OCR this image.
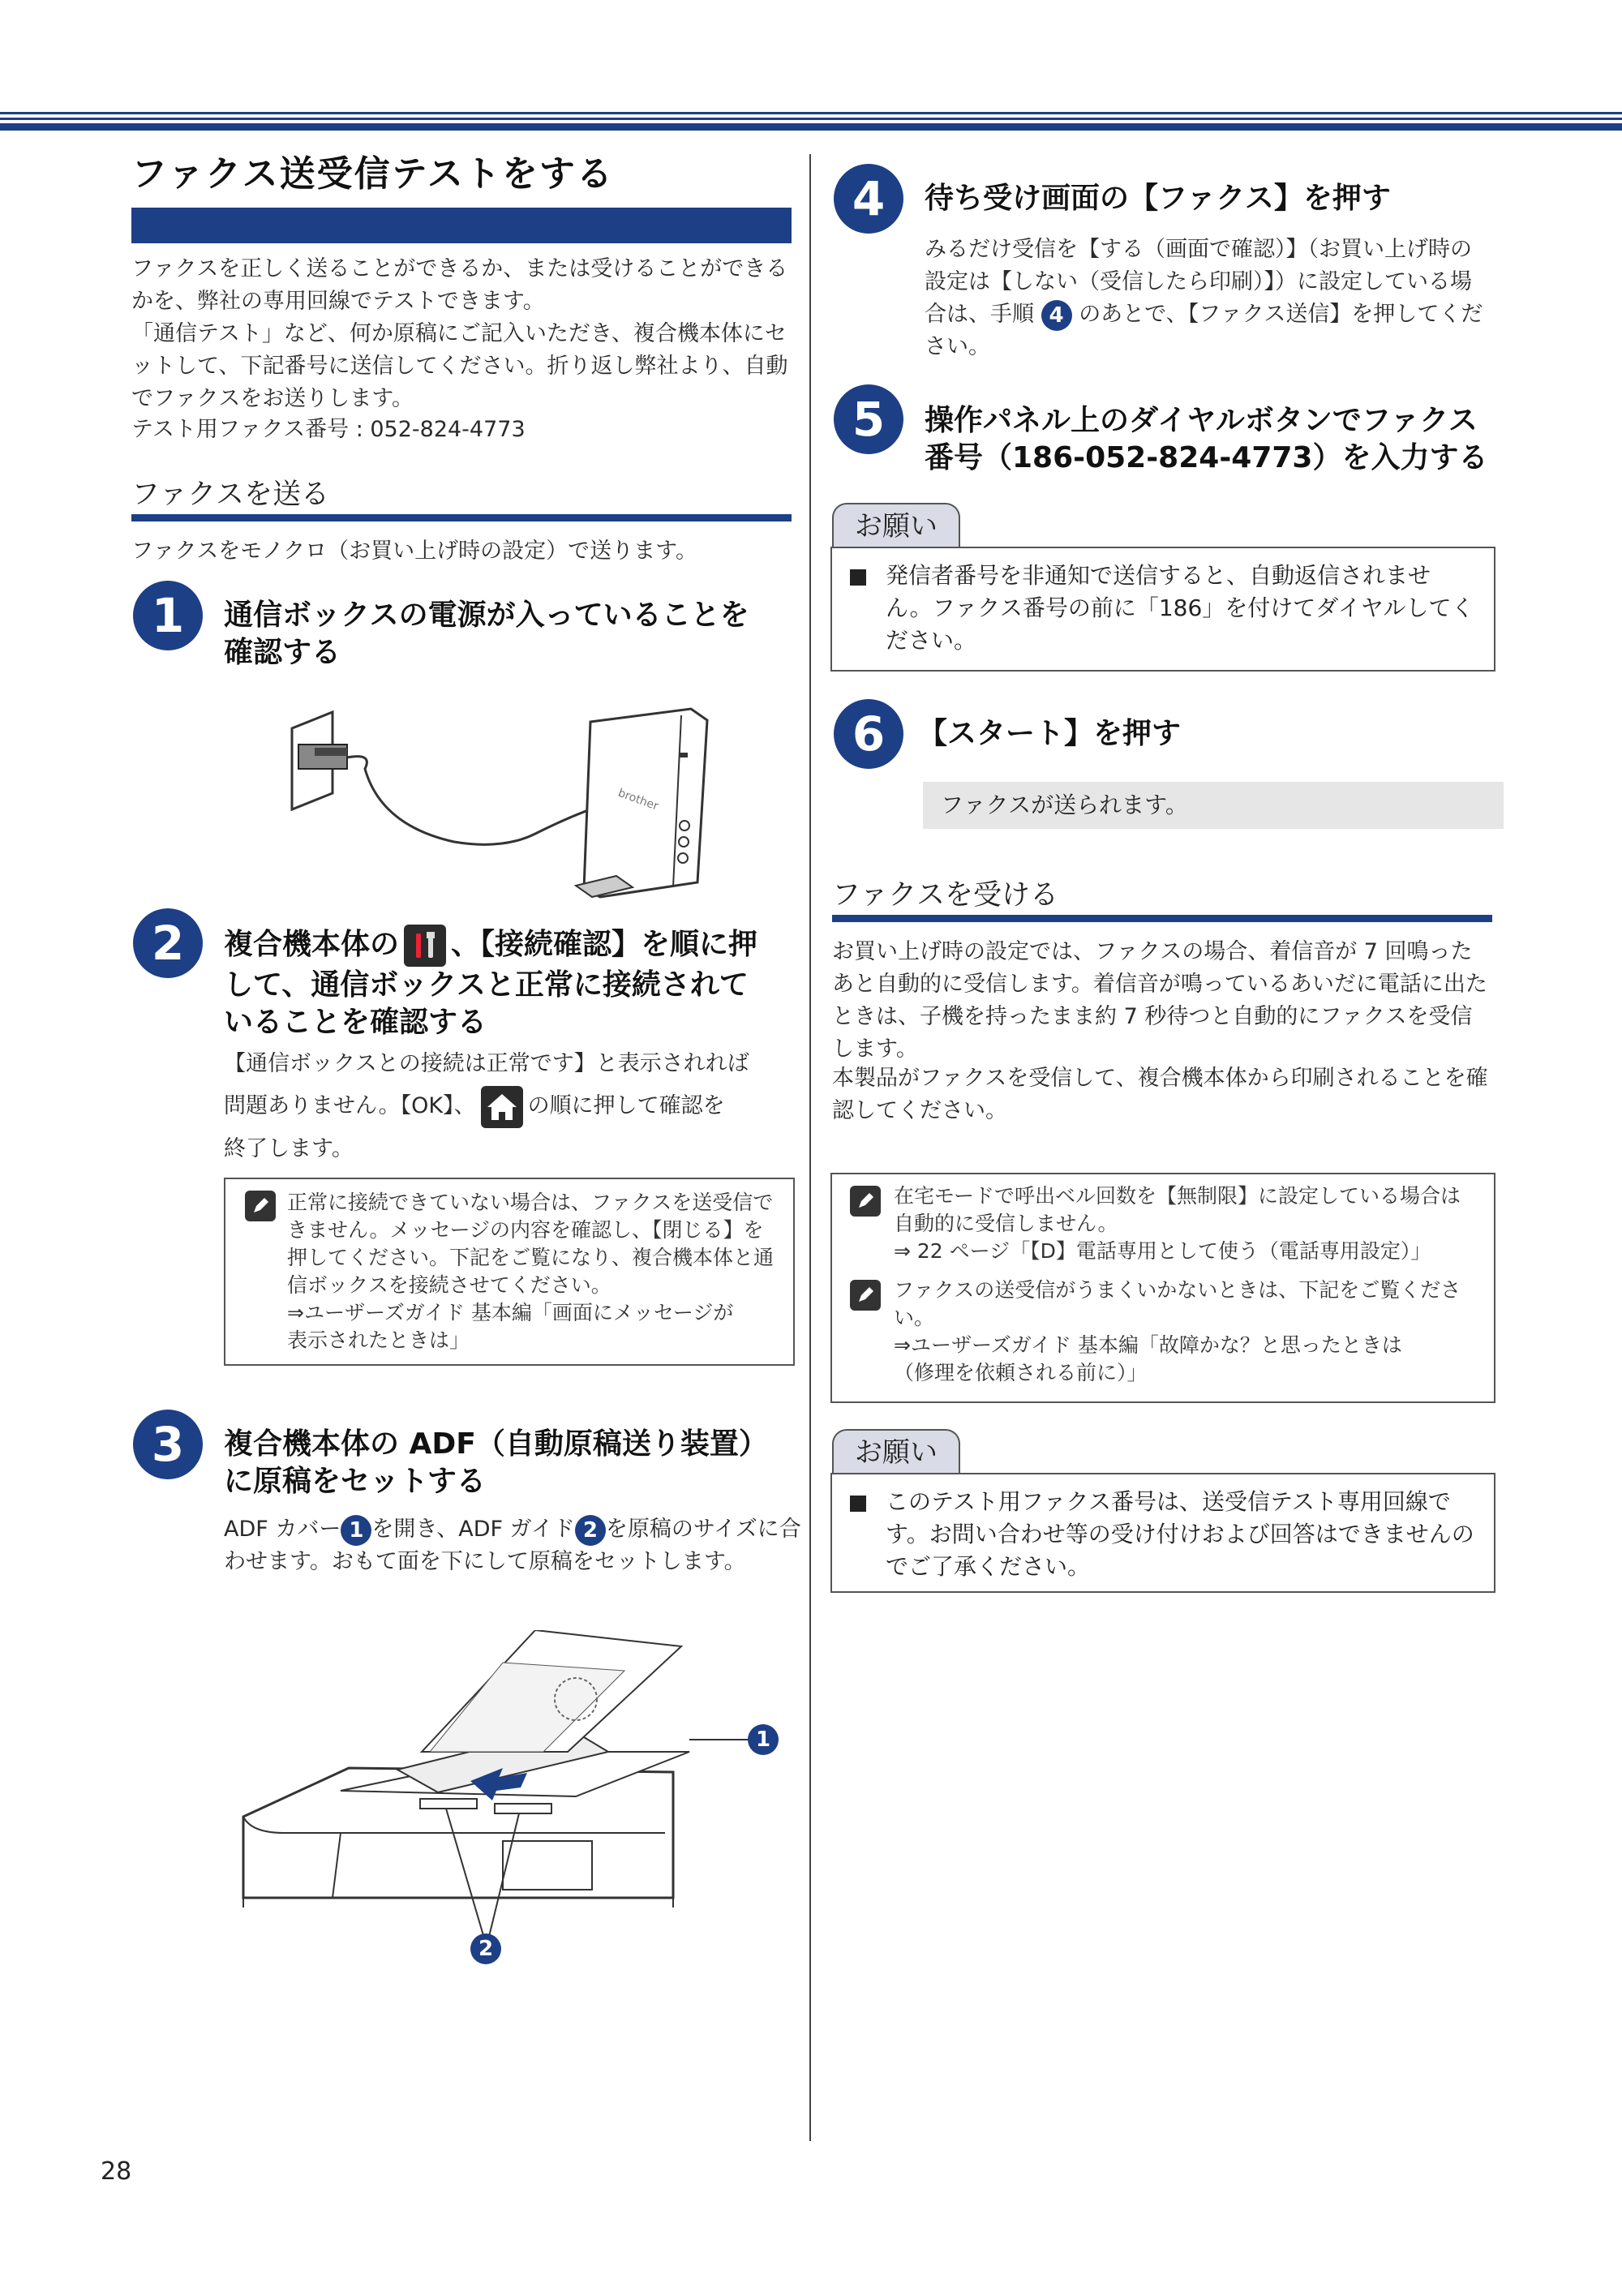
ファクス送受信テストをする
ファクスを正しく送ることができるか、または受けることができるかを、弊社の専用回線でテストできます。
「通信テスト」など、何か原稿にご記入いただき、複合機本体にセットして、下記番号に送信してください。折り返し弊社より、自動でファクスをお送りします。
テスト用ファクス番号 : 052-824-4773
ファクスを送る
ファクスをモノクロ（お買い上げ時の設定）で送ります。
1	通信ボックスの電源が入っていることを
確認する
brother
2	複合機本体の 、【接続確認】を順に押
して、通信ボックスと正常に接続されて
いることを確認する
【通信ボックスとの接続は正常です】と表示されれば
問題ありません。【OK】、 の順に押して確認を
終了します。
正常に接続できていない場合は、ファクスを送受信できません。メッセージの内容を確認し、【閉じる】を押してください。下記をご覧になり、複合機本体と通信ボックスを接続させてください。
⇒ユーザーズガイド 基本編「画面にメッセージが
表示されたときは」
3	複合機本体の ADF（自動原稿送り装置）
に原稿をセットする
ADF カバー 1 を開き、ADF ガイド 2 を原稿のサイズに合わせます。おもて面を下にして原稿をセットします。
1
2
28
4	待ち受け画面の【ファクス】を押す
みるだけ受信を【する（画面で確認）】（お買い上げ時の設定は【しない（受信したら印刷）】）に設定している場合は、手順 4 のあとで、【ファクス送信】を押してください。
5	操作パネル上のダイヤルボタンでファクス
番号（186-052-824-4773）を入力する
お願い
発信者番号を非通知で送信すると、自動返信されません。ファクス番号の前に「186」を付けてダイヤルしてください。
6	【スタート】を押す
ファクスが送られます。
ファクスを受ける
お買い上げ時の設定では、ファクスの場合、着信音が 7 回鳴ったあと自動的に受信します。着信音が鳴っているあいだに電話に出たときは、子機を持ったまま約 7 秒待つと自動的にファクスを受信します。
本製品がファクスを受信して、複合機本体から印刷されることを確認してください。
在宅モードで呼出ベル回数を【無制限】に設定している場合は自動的に受信しません。
⇒ 22 ページ「【D】電話専用として使う（電話専用設定）」
ファクスの送受信がうまくいかないときは、下記をご覧ください。
⇒ユーザーズガイド 基本編「故障かな？と思ったときは
（修理を依頼される前に）」
お願い
このテスト用ファクス番号は、送受信テスト専用回線です。お問い合わせ等の受け付けおよび回答はできませんのでご了承ください。
